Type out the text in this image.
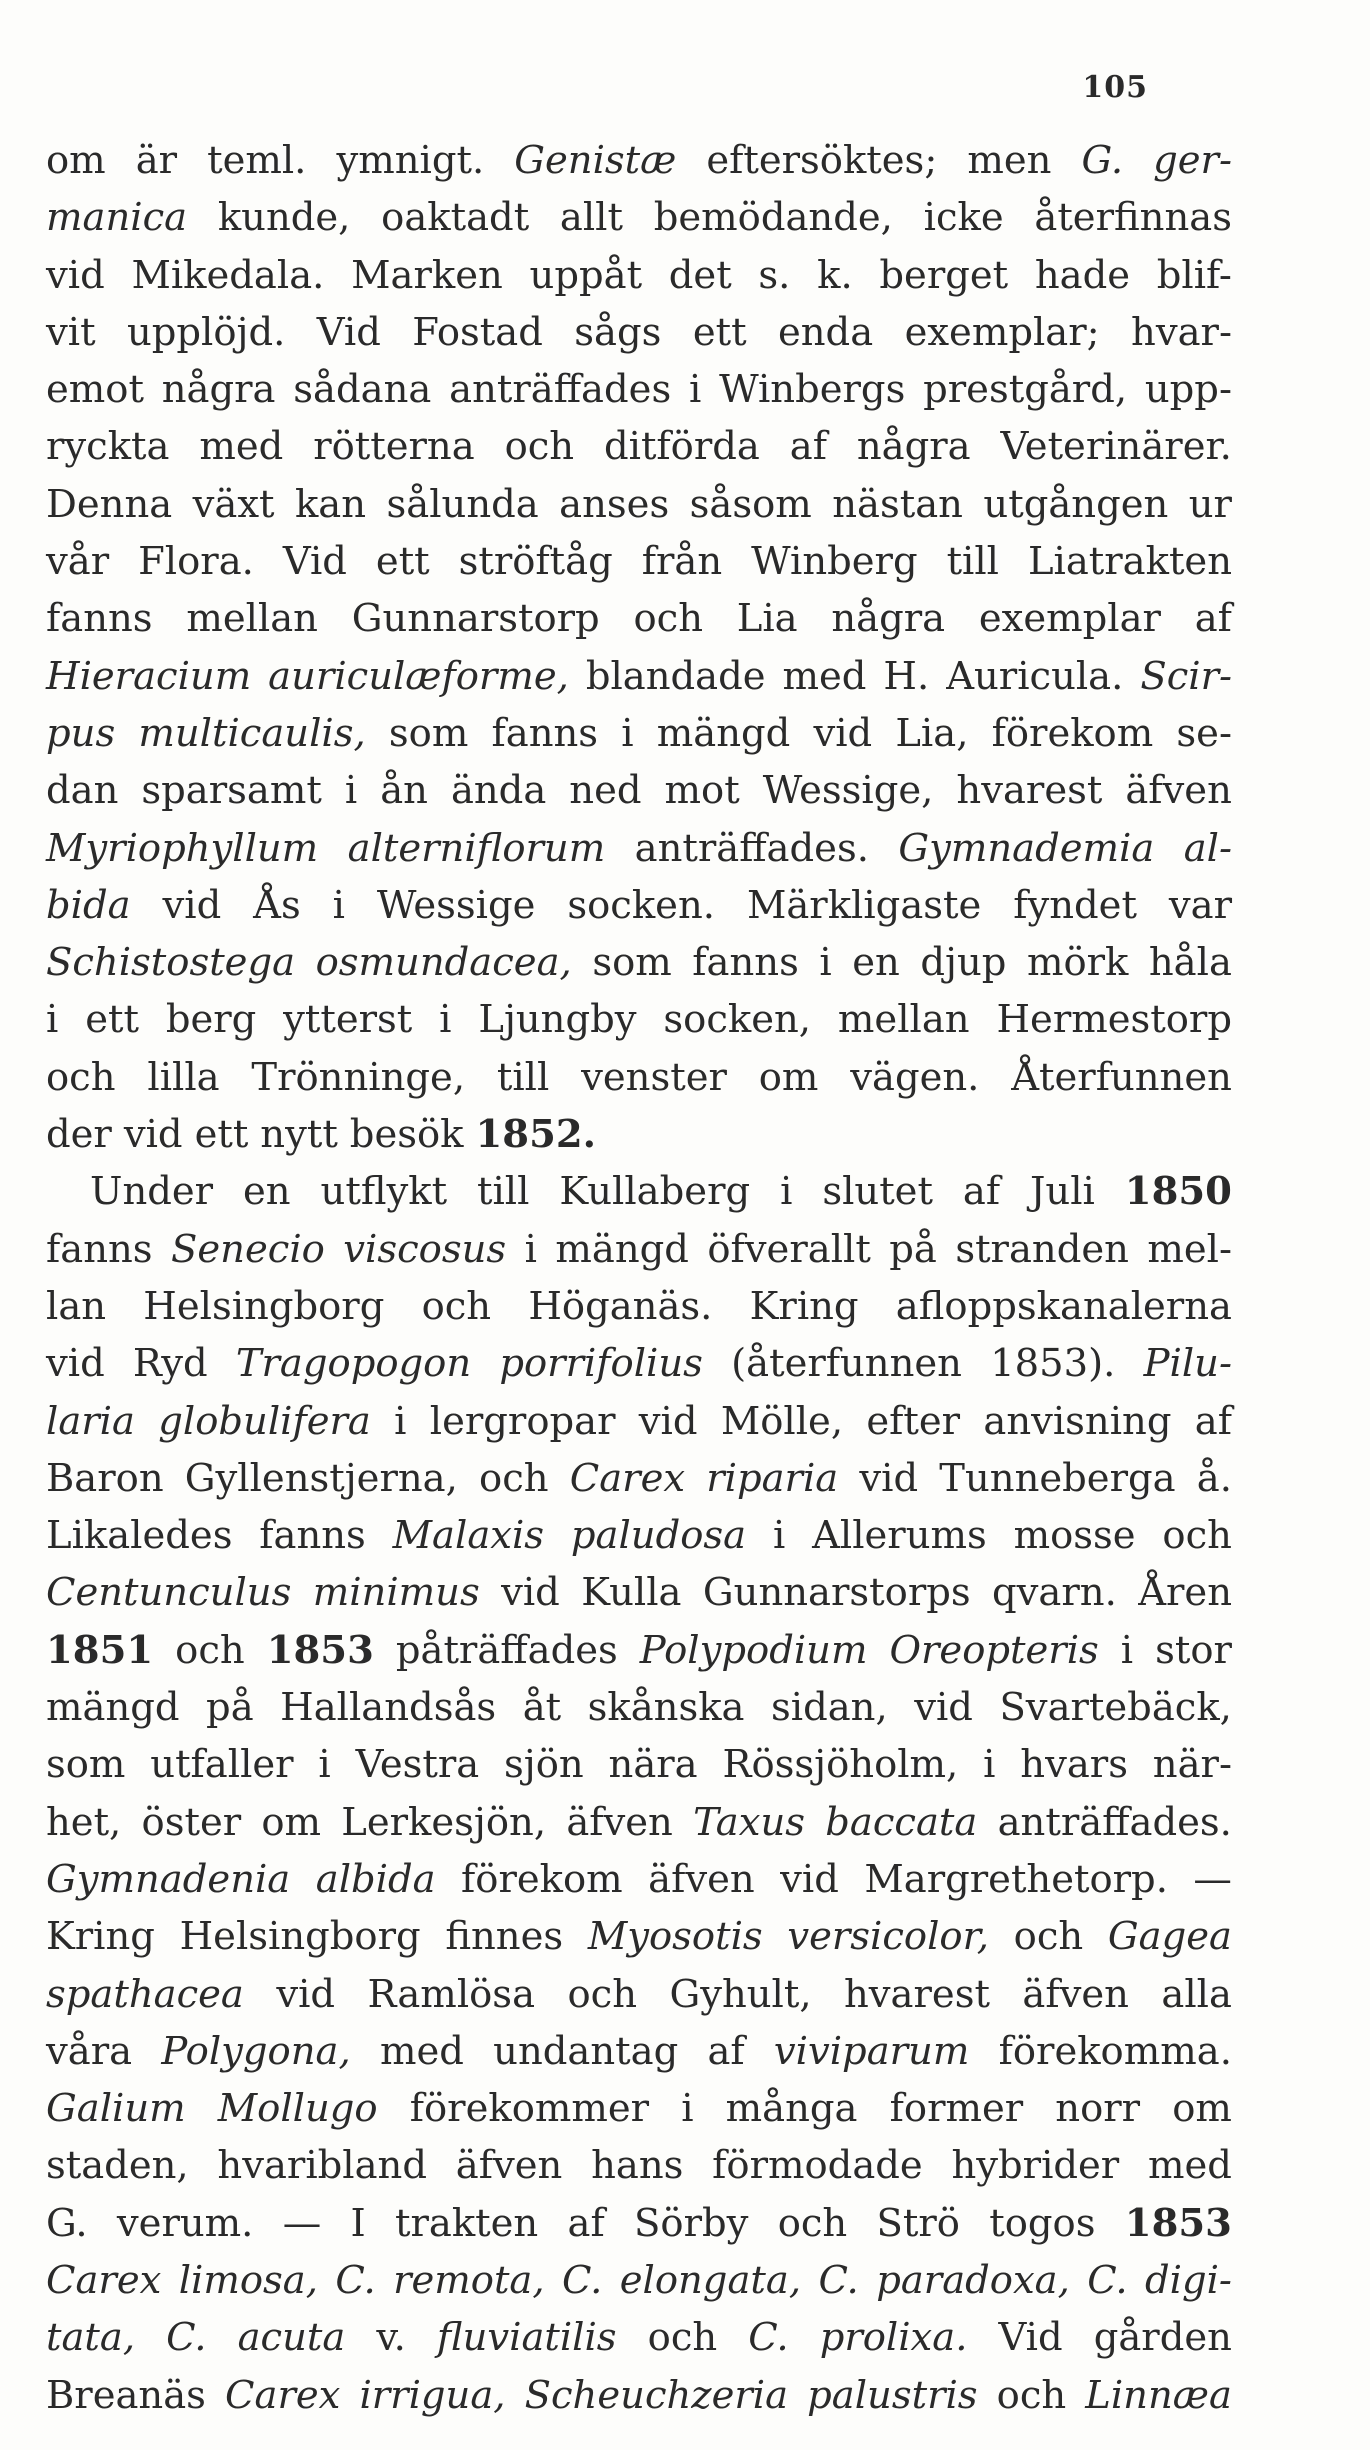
105
om är teml. ymnigt. Genistæ eftersöktes; men G. ger-
manica kunde, oaktadt allt bemödande, icke återfinnas
vid Mikedala. Marken uppåt det s. k. berget hade blif-
vit upplöjd. Vid Fostad sågs ett enda exemplar; hvar-
emot några sådana anträffades i Winbergs prestgård, upp-
ryckta med rötterna och ditförda af några Veterinärer.
Denna växt kan sålunda anses såsom nästan utgången ur
vår Flora. Vid ett ströftåg från Winberg till Liatrakten
fanns mellan Gunnarstorp och Lia några exemplar af
Hieracium auriculæforme, blandade med H. Auricula. Scir-
pus multicaulis, som fanns i mängd vid Lia, förekom se-
dan sparsamt i ån ända ned mot Wessige, hvarest äfven
Myriophyllum alterniflorum anträffades. Gymnademia al-
bida vid Ås i Wessige socken. Märkligaste fyndet var
Schistostega osmundacea, som fanns i en djup mörk håla
i ett berg ytterst i Ljungby socken, mellan Hermestorp
och lilla Trönninge, till venster om vägen. Återfunnen
der vid ett nytt besök 1852.
Under en utflykt till Kullaberg i slutet af Juli 1850
fanns Senecio viscosus i mängd öfverallt på stranden mel-
lan Helsingborg och Höganäs. Kring afloppskanalerna
vid Ryd Tragopogon porrifolius (återfunnen 1853). Pilu-
laria globulifera i lergropar vid Mölle, efter anvisning af
Baron Gyllenstjerna, och Carex riparia vid Tunneberga å.
Likaledes fanns Malaxis paludosa i Allerums mosse och
Centunculus minimus vid Kulla Gunnarstorps qvarn. Åren
1851 och 1853 påträffades Polypodium Oreopteris i stor
mängd på Hallandsås åt skånska sidan, vid Svartebäck,
som utfaller i Vestra sjön nära Rössjöholm, i hvars när-
het, öster om Lerkesjön, äfven Taxus baccata anträffades.
Gymnadenia albida förekom äfven vid Margrethetorp. —
Kring Helsingborg finnes Myosotis versicolor, och Gagea
spathacea vid Ramlösa och Gyhult, hvarest äfven alla
våra Polygona, med undantag af viviparum förekomma.
Galium Mollugo förekommer i många former norr om
staden, hvaribland äfven hans förmodade hybrider med
G. verum. — I trakten af Sörby och Strö togos 1853
Carex limosa, C. remota, C. elongata, C. paradoxa, C. digi-
tata, C. acuta v. fluviatilis och C. prolixa. Vid gården
Breanäs Carex irrigua, Scheuchzeria palustris och Linnæa
